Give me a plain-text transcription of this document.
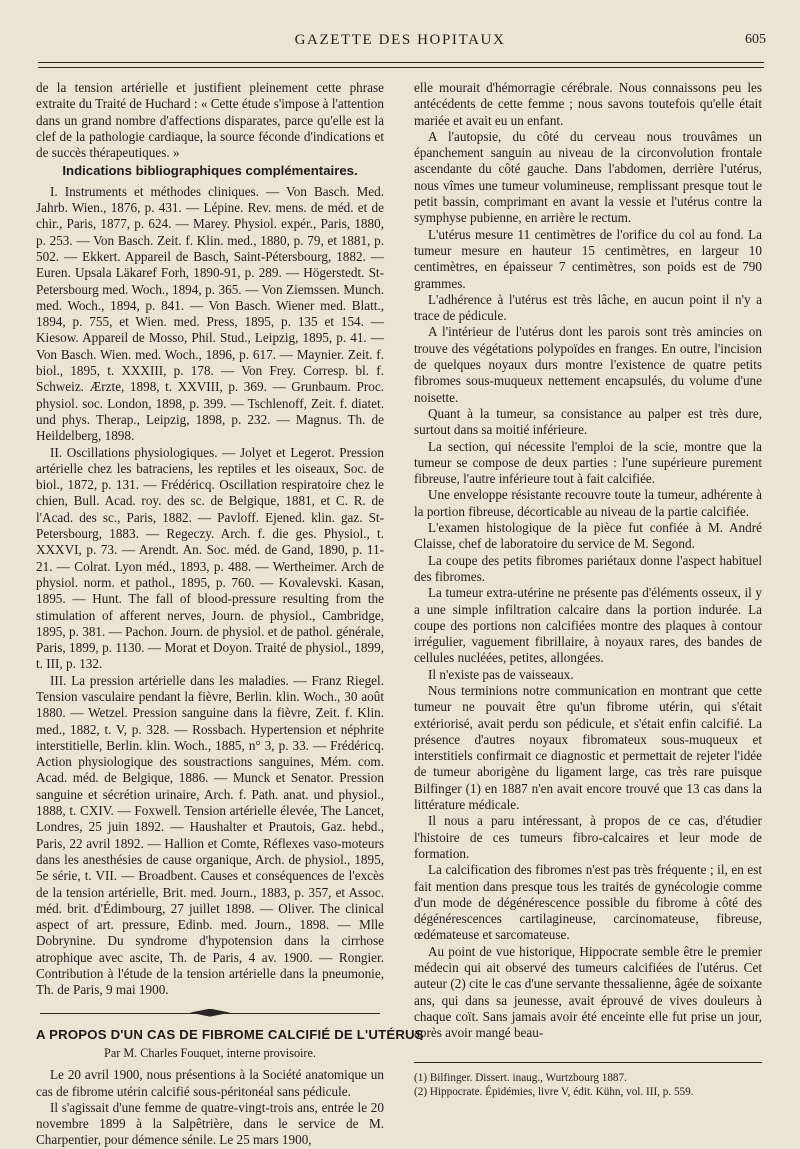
GAZETTE DES HOPITAUX	605

de la tension artérielle et justifient pleinement cette phrase extraite du Traité de Huchard : « Cette étude s'impose à l'attention dans un grand nombre d'affections disparates, parce qu'elle est la clef de la pathologie cardiaque, la source féconde d'indications et de succès thérapeutiques. »

Indications bibliographiques complémentaires.

I. Instruments et méthodes cliniques. — Von Basch. Med. Jahrb. Wien., 1876, p. 431. — Lépine. Rev. mens. de méd. et de chir., Paris, 1877, p. 624. — Marey. Physiol. expér., Paris, 1880, p. 253. — Von Basch. Zeit. f. Klin. med., 1880, p. 79, et 1881, p. 502. — Ekkert. Appareil de Basch, Saint-Pétersbourg, 1882. — Euren. Upsala Läkaref Forh, 1890-91, p. 289. — Högerstedt. St-Petersbourg med. Woch., 1894, p. 365. — Von Ziemssen. Munch. med. Woch., 1894, p. 841. — Von Basch. Wiener med. Blatt., 1894, p. 755, et Wien. med. Press, 1895, p. 135 et 154. — Kiesow. Appareil de Mosso, Phil. Stud., Leipzig, 1895, p. 41. — Von Basch. Wien. med. Woch., 1896, p. 617. — Maynier. Zeit. f. biol., 1895, t. XXXIII, p. 178. — Von Frey. Corresp. bl. f. Schweiz. Ærzte, 1898, t. XXVIII, p. 369. — Grunbaum. Proc. physiol. soc. London, 1898, p. 399. — Tschlenoff, Zeit. f. diatet. und phys. Therap., Leipzig, 1898, p. 232. — Magnus. Th. de Heildelberg, 1898.

II. Oscillations physiologiques. — Jolyet et Legerot. Pression artérielle chez les batraciens, les reptiles et les oiseaux, Soc. de biol., 1872, p. 131. — Frédéricq. Oscillation respiratoire chez le chien, Bull. Acad. roy. des sc. de Belgique, 1881, et C. R. de l'Acad. des sc., Paris, 1882. — Pavloff. Ejened. klin. gaz. St-Petersbourg, 1883. — Regeczy. Arch. f. die ges. Physiol., t. XXXVI, p. 73. — Arendt. An. Soc. méd. de Gand, 1890, p. 11-21. — Colrat. Lyon méd., 1893, p. 488. — Wertheimer. Arch de physiol. norm. et pathol., 1895, p. 760. — Kovalevski. Kasan, 1895. — Hunt. The fall of blood-pressure resulting from the stimulation of afferent nerves, Journ. de physiol., Cambridge, 1895, p. 381. — Pachon. Journ. de physiol. et de pathol. générale, Paris, 1899, p. 1130. — Morat et Doyon. Traité de physiol., 1899, t. III, p. 132.

III. La pression artérielle dans les maladies. — Franz Riegel. Tension vasculaire pendant la fièvre, Berlin. klin. Woch., 30 août 1880. — Wetzel. Pression sanguine dans la fièvre, Zeit. f. Klin. med., 1882, t. V, p. 328. — Rossbach. Hypertension et néphrite interstitielle, Berlin. klin. Woch., 1885, n° 3, p. 33. — Frédéricq. Action physiologique des soustractions sanguines, Mém. com. Acad. méd. de Belgique, 1886. — Munck et Senator. Pression sanguine et sécrétion urinaire, Arch. f. Path. anat. und physiol., 1888, t. CXIV. — Foxwell. Tension artérielle élevée, The Lancet, Londres, 25 juin 1892. — Haushalter et Prautois, Gaz. hebd., Paris, 22 avril 1892. — Hallion et Comte, Réflexes vaso-moteurs dans les anesthésies de cause organique, Arch. de physiol., 1895, 5e série, t. VII. — Broadbent. Causes et conséquences de l'excès de la tension artérielle, Brit. med. Journ., 1883, p. 357, et Assoc. méd. brit. d'Édimbourg, 27 juillet 1898. — Oliver. The clinical aspect of art. pressure, Edinb. med. Journ., 1898. — Mlle Dobrynine. Du syndrome d'hypotension dans la cirrhose atrophique avec ascite, Th. de Paris, 4 av. 1900. — Rongier. Contribution à l'étude de la tension artérielle dans la pneumonie, Th. de Paris, 9 mai 1900.

A PROPOS D'UN CAS DE FIBROME CALCIFIÉ DE L'UTÉRUS
Par M. Charles Fouquet, interne provisoire.

Le 20 avril 1900, nous présentions à la Société anatomique un cas de fibrome utérin calcifié sous-péritonéal sans pédicule.

Il s'agissait d'une femme de quatre-vingt-trois ans, entrée le 20 novembre 1899 à la Salpêtrière, dans le service de M. Charpentier, pour démence sénile. Le 25 mars 1900,

elle mourait d'hémorragie cérébrale. Nous connaissons peu les antécédents de cette femme ; nous savons toutefois qu'elle était mariée et avait eu un enfant.

A l'autopsie, du côté du cerveau nous trouvâmes un épanchement sanguin au niveau de la circonvolution frontale ascendante du côté gauche. Dans l'abdomen, derrière l'utérus, nous vîmes une tumeur volumineuse, remplissant presque tout le petit bassin, comprimant en avant la vessie et l'utérus contre la symphyse pubienne, en arrière le rectum.

L'utérus mesure 11 centimètres de l'orifice du col au fond. La tumeur mesure en hauteur 15 centimètres, en largeur 10 centimètres, en épaisseur 7 centimètres, son poids est de 790 grammes.

L'adhérence à l'utérus est très lâche, en aucun point il n'y a trace de pédicule.

A l'intérieur de l'utérus dont les parois sont très amincies on trouve des végétations polypoïdes en franges. En outre, l'incision de quelques noyaux durs montre l'existence de quatre petits fibromes sous-muqueux nettement encapsulés, du volume d'une noisette.

Quant à la tumeur, sa consistance au palper est très dure, surtout dans sa moitié inférieure.

La section, qui nécessite l'emploi de la scie, montre que la tumeur se compose de deux parties : l'une supérieure purement fibreuse, l'autre inférieure tout à fait calcifiée.

Une enveloppe résistante recouvre toute la tumeur, adhérente à la portion fibreuse, décorticable au niveau de la partie calcifiée.

L'examen histologique de la pièce fut confiée à M. André Claisse, chef de laboratoire du service de M. Segond.

La coupe des petits fibromes pariétaux donne l'aspect habituel des fibromes.

La tumeur extra-utérine ne présente pas d'éléments osseux, il y a une simple infiltration calcaire dans la portion indurée. La coupe des portions non calcifiées montre des plaques à contour irrégulier, vaguement fibrillaire, à noyaux rares, des bandes de cellules nucléées, petites, allongées.

Il n'existe pas de vaisseaux.

Nous terminions notre communication en montrant que cette tumeur ne pouvait être qu'un fibrome utérin, qui s'était extériorisé, avait perdu son pédicule, et s'était enfin calcifié. La présence d'autres noyaux fibromateux sous-muqueux et interstitiels confirmait ce diagnostic et permettait de rejeter l'idée de tumeur aborigène du ligament large, cas très rare puisque Bilfinger (1) en 1887 n'en avait encore trouvé que 13 cas dans la littérature médicale.

Il nous a paru intéressant, à propos de ce cas, d'étudier l'histoire de ces tumeurs fibro-calcaires et leur mode de formation.

La calcification des fibromes n'est pas très fréquente ; il, en est fait mention dans presque tous les traités de gynécologie comme d'un mode de dégénérescence possible du fibrome à côté des dégénérescences cartilagineuse, carcinomateuse, fibreuse, œdémateuse et sarcomateuse.

Au point de vue historique, Hippocrate semble être le premier médecin qui ait observé des tumeurs calcifiées de l'utérus. Cet auteur (2) cite le cas d'une servante thessalienne, âgée de soixante ans, qui dans sa jeunesse, avait éprouvé de vives douleurs à chaque coït. Sans jamais avoir été enceinte elle fut prise un jour, après avoir mangé beau-

(1) Bilfinger. Dissert. inaug., Wurtzbourg 1887.

(2) Hippocrate. Épidémies, livre V, édit. Kühn, vol. III, p. 559.
